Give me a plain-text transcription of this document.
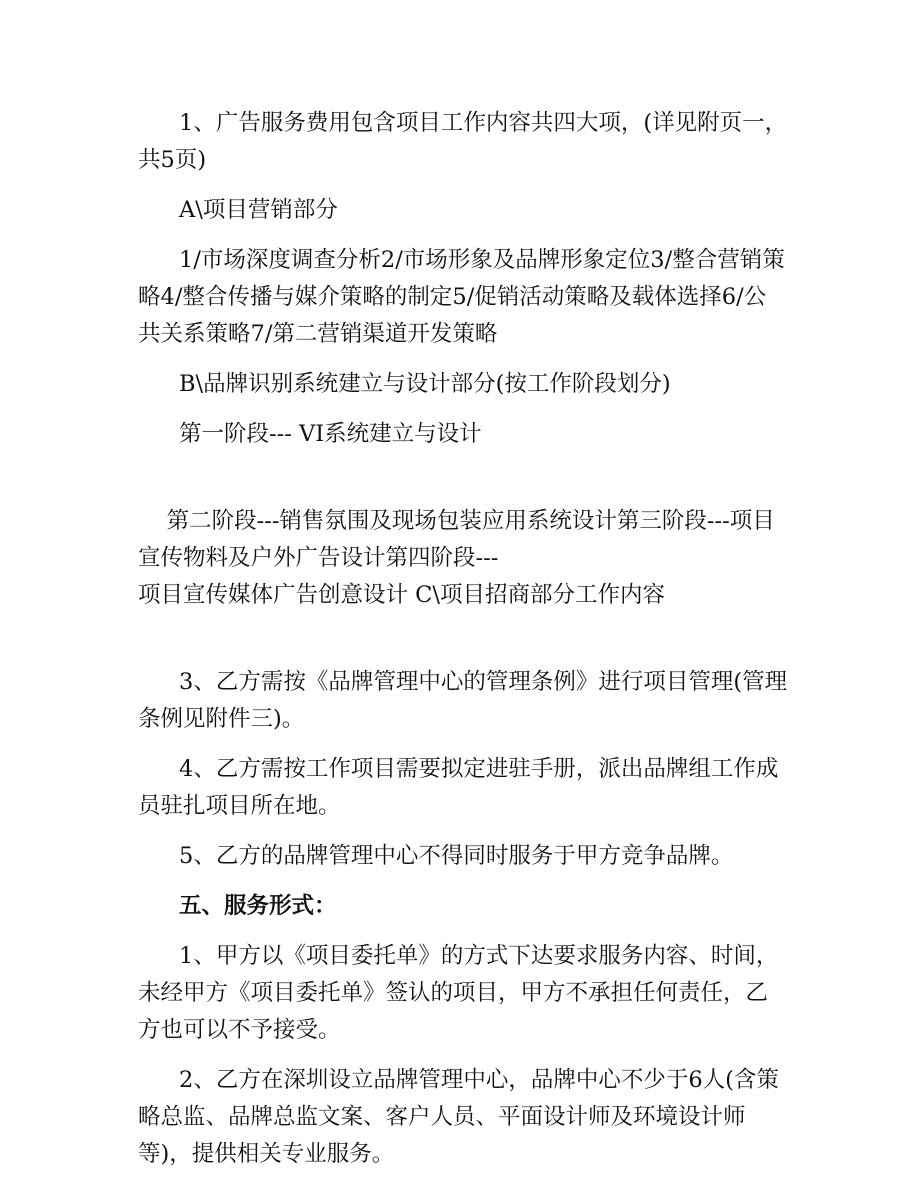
1、广告服务费用包含项目工作内容共四大项，(详见附页一，共5页)

A\项目营销部分

1/市场深度调查分析2/市场形象及品牌形象定位3/整合营销策略4/整合传播与媒介策略的制定5/促销活动策略及载体选择6/公共关系策略7/第二营销渠道开发策略

B\品牌识别系统建立与设计部分(按工作阶段划分)

第一阶段--- VI系统建立与设计

第二阶段---销售氛围及现场包装应用系统设计第三阶段---项目宣传物料及户外广告设计第四阶段---
项目宣传媒体广告创意设计 C\项目招商部分工作内容

3、乙方需按《品牌管理中心的管理条例》进行项目管理(管理条例见附件三)。

4、乙方需按工作项目需要拟定进驻手册，派出品牌组工作成员驻扎项目所在地。

5、乙方的品牌管理中心不得同时服务于甲方竞争品牌。

五、服务形式：

1、甲方以《项目委托单》的方式下达要求服务内容、时间，未经甲方《项目委托单》签认的项目，甲方不承担任何责任，乙方也可以不予接受。

2、乙方在深圳设立品牌管理中心，品牌中心不少于6人(含策略总监、品牌总监文案、客户人员、平面设计师及环境设计师等)，提供相关专业服务。
